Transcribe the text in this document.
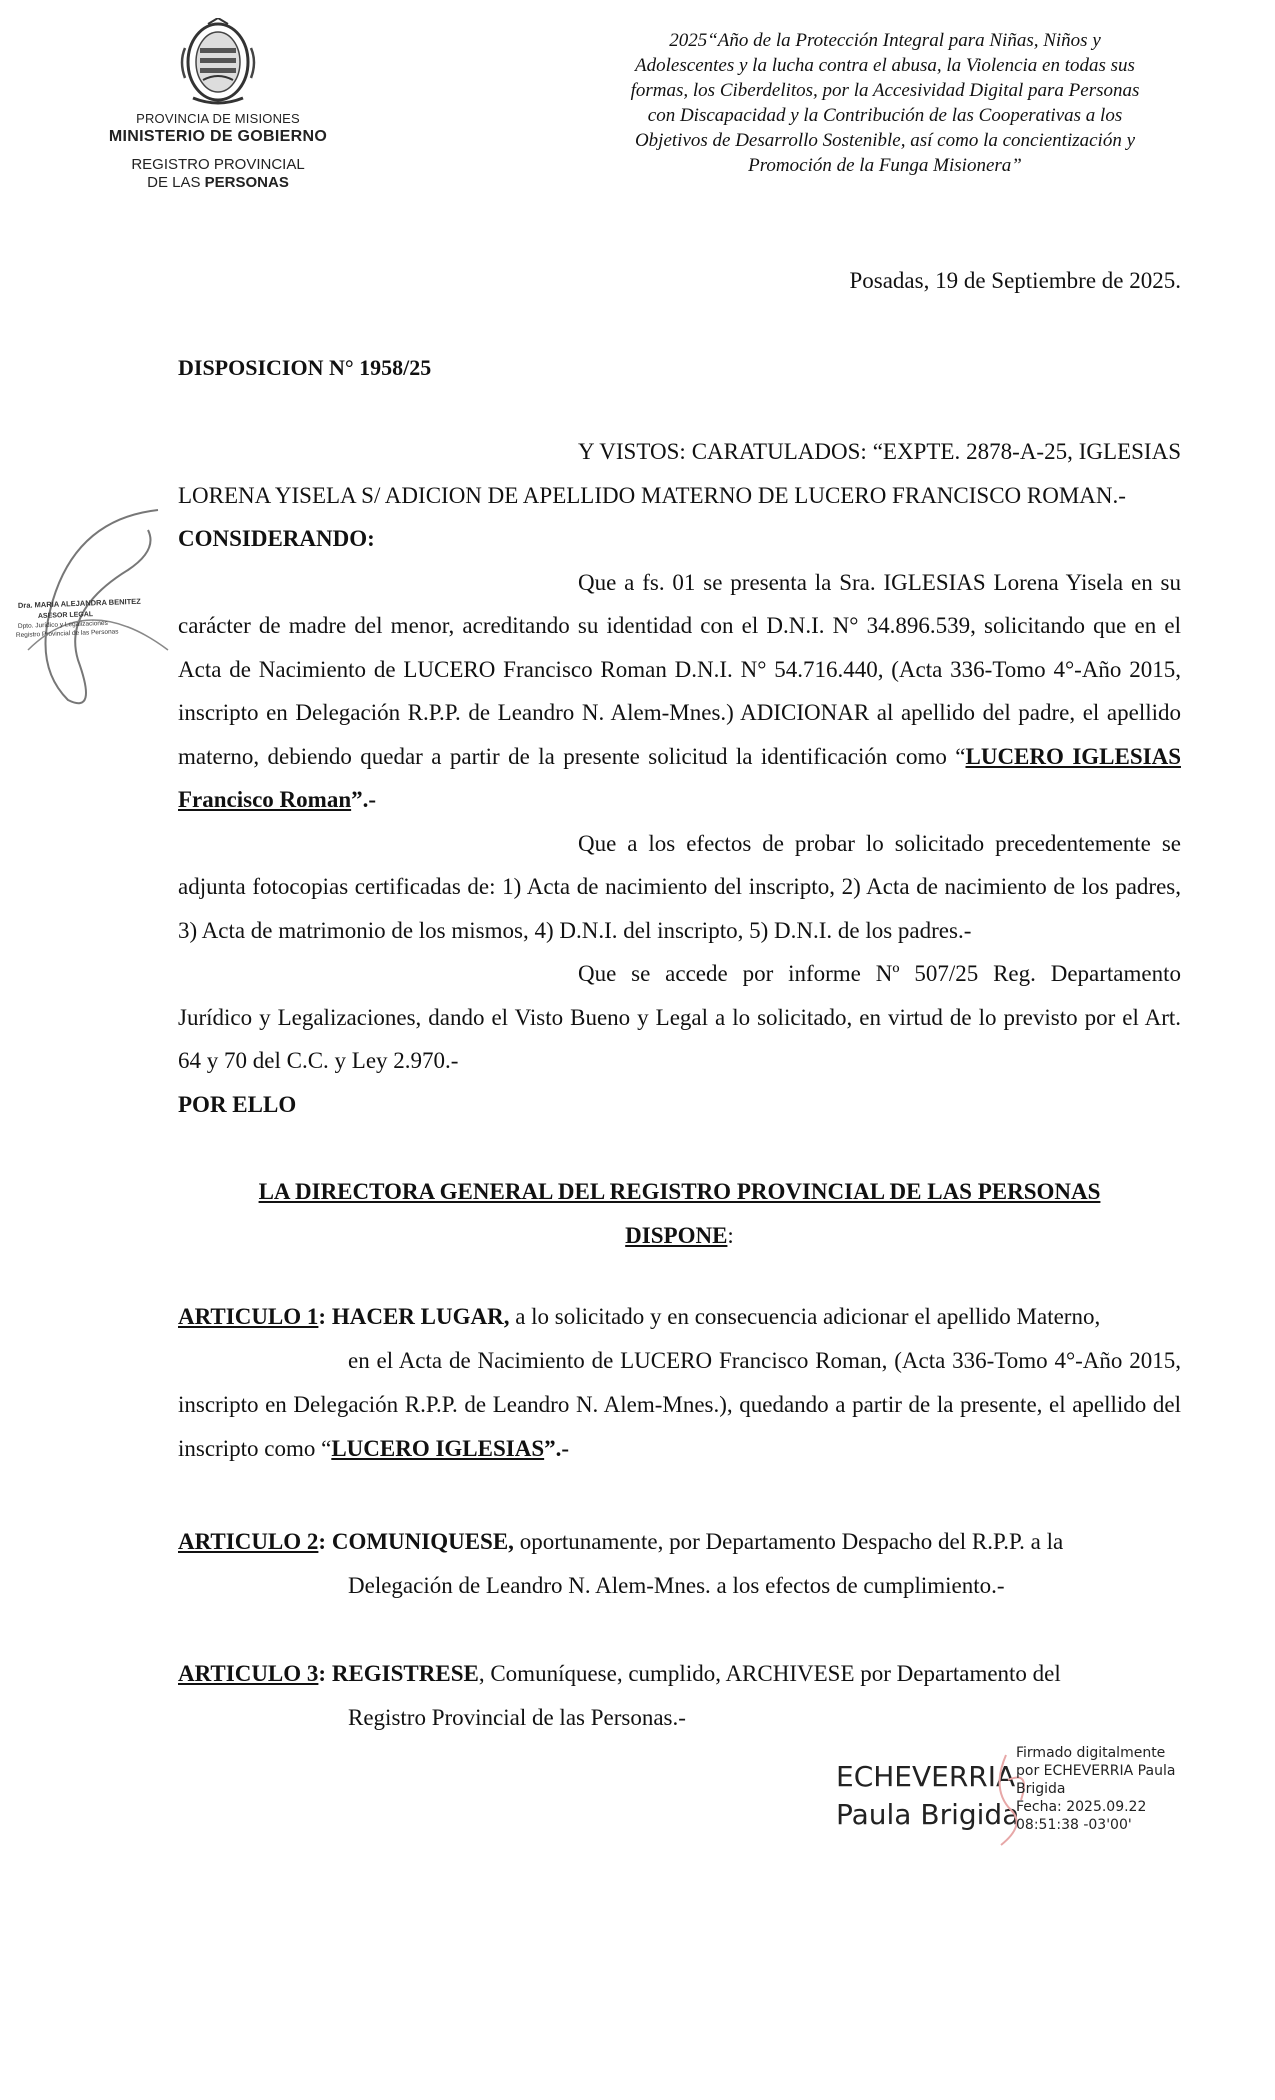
PROVINCIA DE MISIONES
MINISTERIO DE GOBIERNO
REGISTRO PROVINCIAL
DE LAS PERSONAS
2025“Año de la Protección Integral para Niñas, Niños y
Adolescentes y la lucha contra el abusa, la Violencia en todas sus
formas, los Ciberdelitos, por la Accesividad Digital para Personas
con Discapacidad y la Contribución de las Cooperativas a los
Objetivos de Desarrollo Sostenible, así como la concientización y
Promoción de la Funga Misionera”
Dra. MARIA ALEJANDRA BENITEZ
ASESOR LEGAL
Dpto. Jurídico y Legalizaciones
Registro Provincial de las Personas
Posadas, 19 de Septiembre de 2025.
DISPOSICION N° 1958/25

Y VISTOS: CARATULADOS: “EXPTE. 2878-A-25, IGLESIAS LORENA YISELA S/ ADICION DE APELLIDO MATERNO DE LUCERO FRANCISCO ROMAN.-

CONSIDERANDO:

Que a fs. 01 se presenta la Sra. IGLESIAS Lorena Yisela en su carácter de madre del menor, acreditando su identidad con el D.N.I. N° 34.896.539, solicitando que en el Acta de Nacimiento de LUCERO Francisco Roman D.N.I. N° 54.716.440, (Acta 336-Tomo 4°-Año 2015, inscripto en Delegación R.P.P. de Leandro N. Alem-Mnes.) ADICIONAR al apellido del padre, el apellido materno, debiendo quedar a partir de la presente solicitud la identificación como “LUCERO IGLESIAS Francisco Roman”.-

Que a los efectos de probar lo solicitado precedentemente se adjunta fotocopias certificadas de: 1) Acta de nacimiento del inscripto, 2) Acta de nacimiento de los padres, 3) Acta de matrimonio de los mismos, 4) D.N.I. del inscripto, 5) D.N.I. de los padres.-

Que se accede por informe Nº 507/25 Reg. Departamento Jurídico y Legalizaciones, dando el Visto Bueno y Legal a lo solicitado, en virtud de lo previsto por el Art. 64 y 70 del C.C. y Ley 2.970.-

POR ELLO

LA DIRECTORA GENERAL DEL REGISTRO PROVINCIAL DE LAS PERSONAS
DISPONE:
ARTICULO 1: HACER LUGAR, a lo solicitado y en consecuencia adicionar el apellido Materno,

en el Acta de Nacimiento de LUCERO Francisco Roman, (Acta 336-Tomo 4°-Año 2015, inscripto en Delegación R.P.P. de Leandro N. Alem-Mnes.), quedando a partir de la presente, el apellido del inscripto como “LUCERO IGLESIAS”.-

ARTICULO 2: COMUNIQUESE, oportunamente, por Departamento Despacho del R.P.P. a la
Delegación de Leandro N. Alem-Mnes. a los efectos de cumplimiento.-
ARTICULO 3: REGISTRESE, Comuníquese, cumplido, ARCHIVESE por Departamento del
Registro Provincial de las Personas.-
ECHEVERRIA
Paula Brigida
Firmado digitalmente
por ECHEVERRIA Paula
Brigida
Fecha: 2025.09.22
08:51:38 -03'00'
